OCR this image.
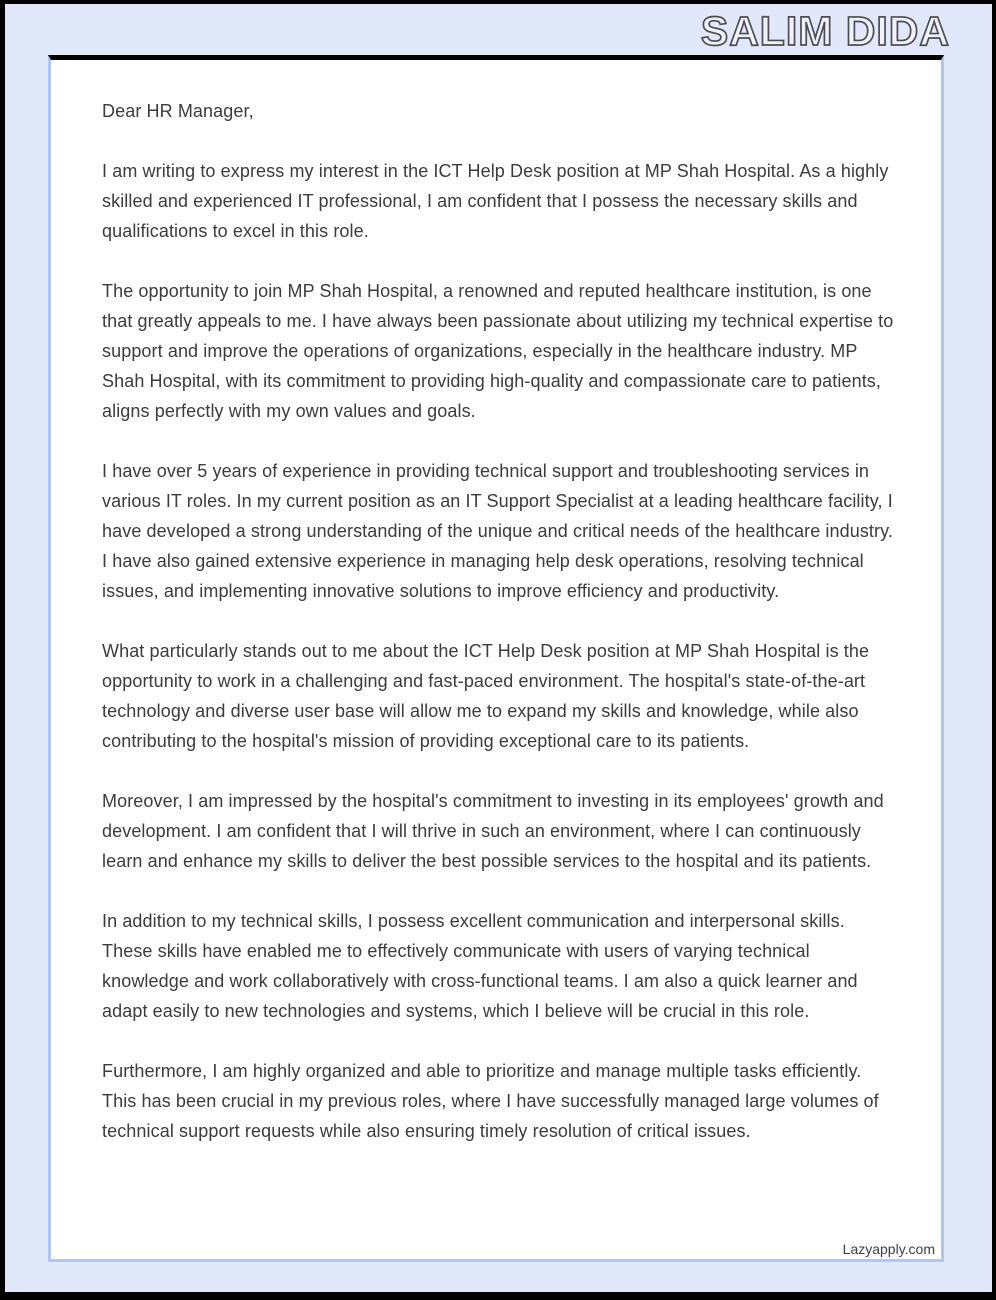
SALIM DIDA

Dear HR Manager,

I am writing to express my interest in the ICT Help Desk position at MP Shah Hospital. As a highly skilled and experienced IT professional, I am confident that I possess the necessary skills and qualifications to excel in this role.

The opportunity to join MP Shah Hospital, a renowned and reputed healthcare institution, is one that greatly appeals to me. I have always been passionate about utilizing my technical expertise to support and improve the operations of organizations, especially in the healthcare industry. MP Shah Hospital, with its commitment to providing high-quality and compassionate care to patients, aligns perfectly with my own values and goals.

I have over 5 years of experience in providing technical support and troubleshooting services in various IT roles. In my current position as an IT Support Specialist at a leading healthcare facility, I have developed a strong understanding of the unique and critical needs of the healthcare industry. I have also gained extensive experience in managing help desk operations, resolving technical issues, and implementing innovative solutions to improve efficiency and productivity.

What particularly stands out to me about the ICT Help Desk position at MP Shah Hospital is the opportunity to work in a challenging and fast-paced environment. The hospital's state-of-the-art technology and diverse user base will allow me to expand my skills and knowledge, while also contributing to the hospital's mission of providing exceptional care to its patients.

Moreover, I am impressed by the hospital's commitment to investing in its employees' growth and development. I am confident that I will thrive in such an environment, where I can continuously learn and enhance my skills to deliver the best possible services to the hospital and its patients.

In addition to my technical skills, I possess excellent communication and interpersonal skills. These skills have enabled me to effectively communicate with users of varying technical knowledge and work collaboratively with cross-functional teams. I am also a quick learner and adapt easily to new technologies and systems, which I believe will be crucial in this role.

Furthermore, I am highly organized and able to prioritize and manage multiple tasks efficiently. This has been crucial in my previous roles, where I have successfully managed large volumes of technical support requests while also ensuring timely resolution of critical issues.

Lazyapply.com
